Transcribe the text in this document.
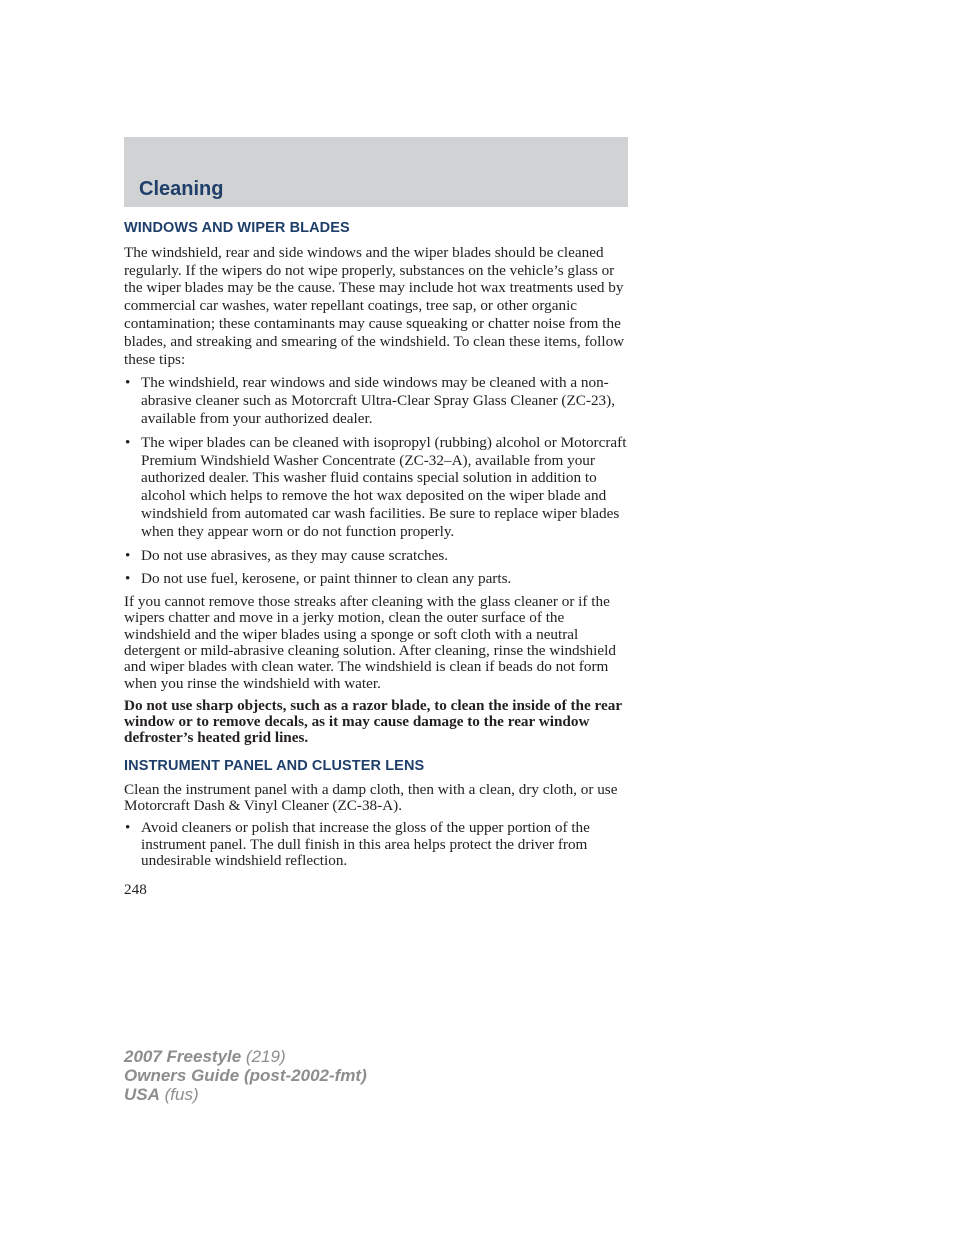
Cleaning
WINDOWS AND WIPER BLADES

The windshield, rear and side windows and the wiper blades should be cleaned regularly. If the wipers do not wipe properly, substances on the vehicle’s glass or the wiper blades may be the cause. These may include hot wax treatments used by commercial car washes, water repellant coatings, tree sap, or other organic contamination; these contaminants may cause squeaking or chatter noise from the blades, and streaking and smearing of the windshield. To clean these items, follow these tips:

• The windshield, rear windows and side windows may be cleaned with a non-abrasive cleaner such as Motorcraft Ultra-Clear Spray Glass Cleaner (ZC-23), available from your authorized dealer.
• The wiper blades can be cleaned with isopropyl (rubbing) alcohol or Motorcraft Premium Windshield Washer Concentrate (ZC-32–A), available from your authorized dealer. This washer fluid contains special solution in addition to alcohol which helps to remove the hot wax deposited on the wiper blade and windshield from automated car wash facilities. Be sure to replace wiper blades when they appear worn or do not function properly.
• Do not use abrasives, as they may cause scratches.
• Do not use fuel, kerosene, or paint thinner to clean any parts.

If you cannot remove those streaks after cleaning with the glass cleaner or if the wipers chatter and move in a jerky motion, clean the outer surface of the windshield and the wiper blades using a sponge or soft cloth with a neutral detergent or mild-abrasive cleaning solution. After cleaning, rinse the windshield and wiper blades with clean water. The windshield is clean if beads do not form when you rinse the windshield with water.

Do not use sharp objects, such as a razor blade, to clean the inside of the rear window or to remove decals, as it may cause damage to the rear window defroster’s heated grid lines.

INSTRUMENT PANEL AND CLUSTER LENS

Clean the instrument panel with a damp cloth, then with a clean, dry cloth, or use Motorcraft Dash & Vinyl Cleaner (ZC-38-A).

• Avoid cleaners or polish that increase the gloss of the upper portion of the instrument panel. The dull finish in this area helps protect the driver from undesirable windshield reflection.
248
2007 Freestyle (219)
Owners Guide (post-2002-fmt)
USA (fus)
